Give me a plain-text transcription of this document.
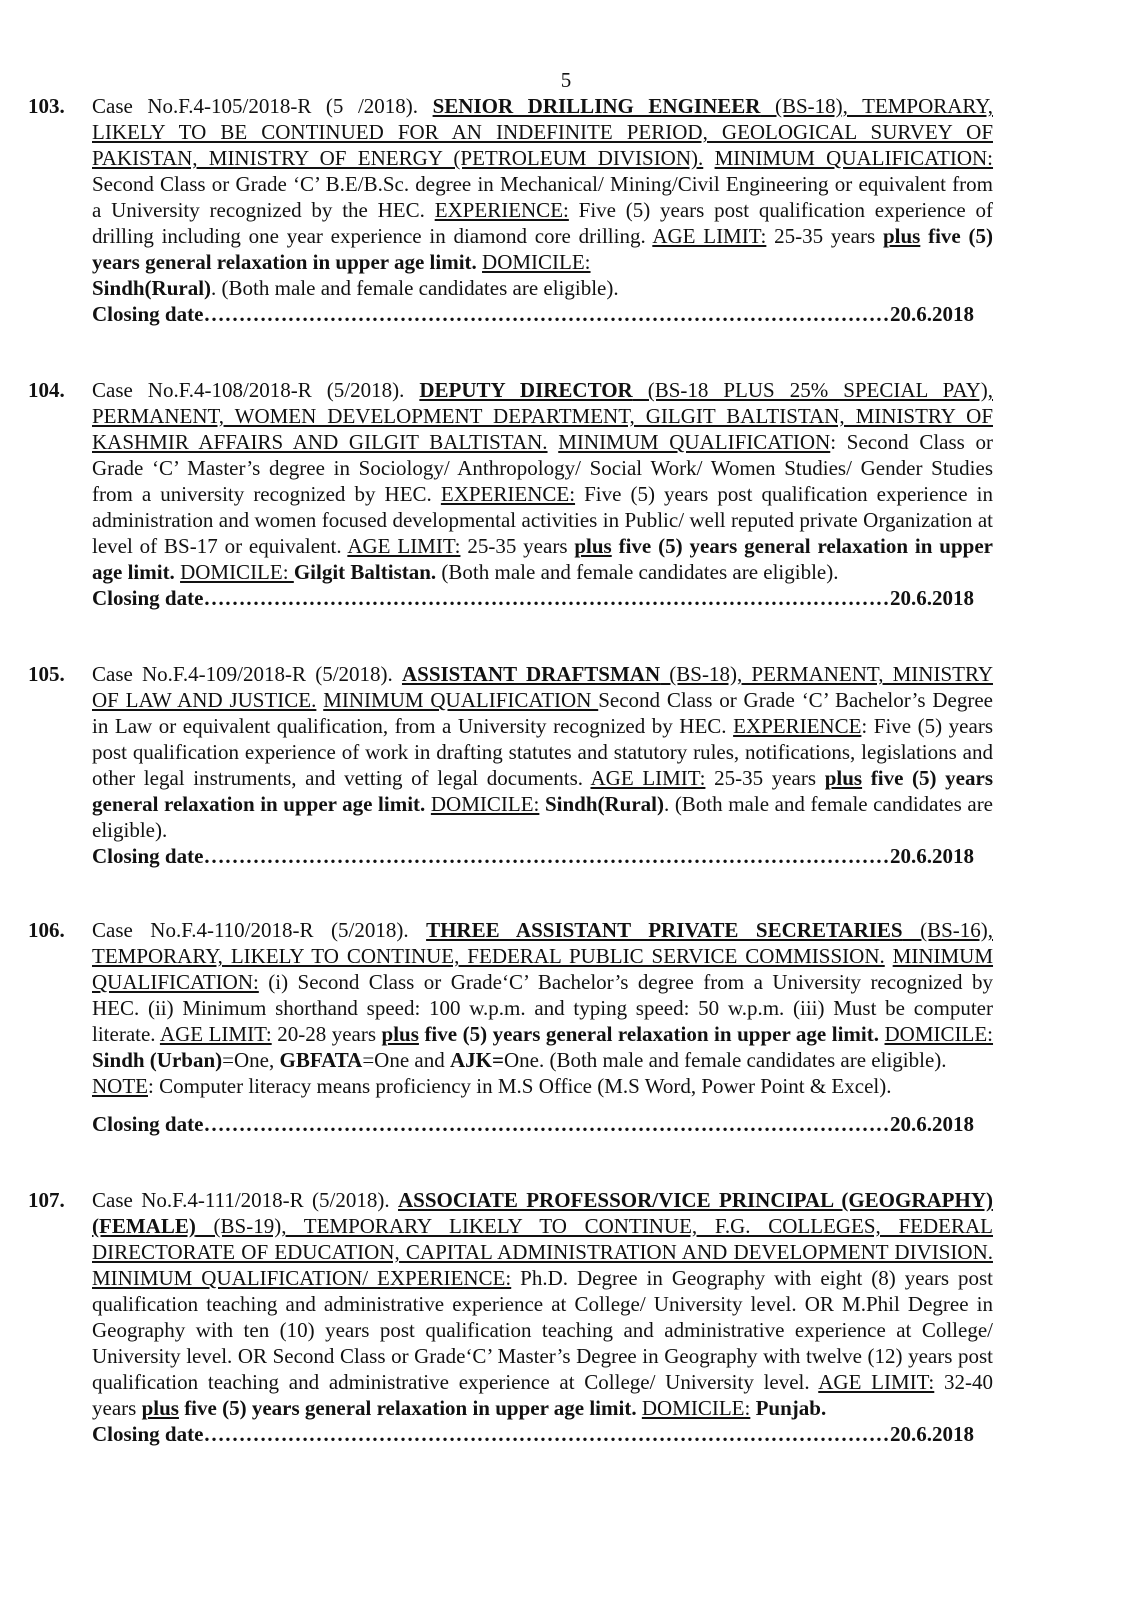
5
103. Case No.F.4-105/2018-R (5 /2018). SENIOR DRILLING ENGINEER (BS-18), TEMPORARY, LIKELY TO BE CONTINUED FOR AN INDEFINITE PERIOD, GEOLOGICAL SURVEY OF PAKISTAN, MINISTRY OF ENERGY (PETROLEUM DIVISION). MINIMUM QUALIFICATION: Second Class or Grade ‘C’ B.E/B.Sc. degree in Mechanical/ Mining/Civil Engineering or equivalent from a University recognized by the HEC. EXPERIENCE: Five (5) years post qualification experience of drilling including one year experience in diamond core drilling. AGE LIMIT: 25-35 years plus five (5) years general relaxation in upper age limit. DOMICILE:
Sindh(Rural). (Both male and female candidates are eligible).
Closing date ……………………………………………………………………………………………………………………………………………………	20.6.2018
104. Case No.F.4-108/2018-R (5/2018). DEPUTY DIRECTOR (BS-18 PLUS 25% SPECIAL PAY), PERMANENT, WOMEN DEVELOPMENT DEPARTMENT, GILGIT BALTISTAN, MINISTRY OF KASHMIR AFFAIRS AND GILGIT BALTISTAN. MINIMUM QUALIFICATION: Second Class or Grade ‘C’ Master’s degree in Sociology/ Anthropology/ Social Work/ Women Studies/ Gender Studies from a university recognized by HEC. EXPERIENCE: Five (5) years post qualification experience in administration and women focused developmental activities in Public/ well reputed private Organization at level of BS-17 or equivalent. AGE LIMIT: 25-35 years plus five (5) years general relaxation in upper age limit. DOMICILE: Gilgit Baltistan. (Both male and female candidates are eligible).
Closing date ……………………………………………………………………………………………………………………………………………………	20.6.2018
105. Case No.F.4-109/2018-R (5/2018). ASSISTANT DRAFTSMAN (BS-18), PERMANENT, MINISTRY OF LAW AND JUSTICE. MINIMUM QUALIFICATION Second Class or Grade ‘C’ Bachelor’s Degree in Law or equivalent qualification, from a University recognized by HEC. EXPERIENCE: Five (5) years post qualification experience of work in drafting statutes and statutory rules, notifications, legislations and other legal instruments, and vetting of legal documents. AGE LIMIT: 25-35 years plus five (5) years general relaxation in upper age limit. DOMICILE: Sindh(Rural). (Both male and female candidates are eligible).
Closing date ……………………………………………………………………………………………………………………………………………………	20.6.2018
106. Case No.F.4-110/2018-R (5/2018). THREE ASSISTANT PRIVATE SECRETARIES (BS-16), TEMPORARY, LIKELY TO CONTINUE, FEDERAL PUBLIC SERVICE COMMISSION. MINIMUM QUALIFICATION: (i) Second Class or Grade‘C’ Bachelor’s degree from a University recognized by HEC. (ii) Minimum shorthand speed: 100 w.p.m. and typing speed: 50 w.p.m. (iii) Must be computer literate. AGE LIMIT: 20-28 years plus five (5) years general relaxation in upper age limit. DOMICILE: Sindh (Urban)=One, GBFATA=One and AJK=One. (Both male and female candidates are eligible).
NOTE: Computer literacy means proficiency in M.S Office (M.S Word, Power Point & Excel).
Closing date ……………………………………………………………………………………………………………………………………………………	20.6.2018
107. Case No.F.4-111/2018-R (5/2018). ASSOCIATE PROFESSOR/VICE PRINCIPAL (GEOGRAPHY) (FEMALE) (BS-19), TEMPORARY LIKELY TO CONTINUE, F.G. COLLEGES, FEDERAL DIRECTORATE OF EDUCATION, CAPITAL ADMINISTRATION AND DEVELOPMENT DIVISION. MINIMUM QUALIFICATION/ EXPERIENCE: Ph.D. Degree in Geography with eight (8) years post qualification teaching and administrative experience at College/ University level. OR M.Phil Degree in Geography with ten (10) years post qualification teaching and administrative experience at College/ University level. OR Second Class or Grade‘C’ Master’s Degree in Geography with twelve (12) years post qualification teaching and administrative experience at College/ University level. AGE LIMIT: 32-40 years plus five (5) years general relaxation in upper age limit. DOMICILE: Punjab.
Closing date ……………………………………………………………………………………………………………………………………………………	20.6.2018
